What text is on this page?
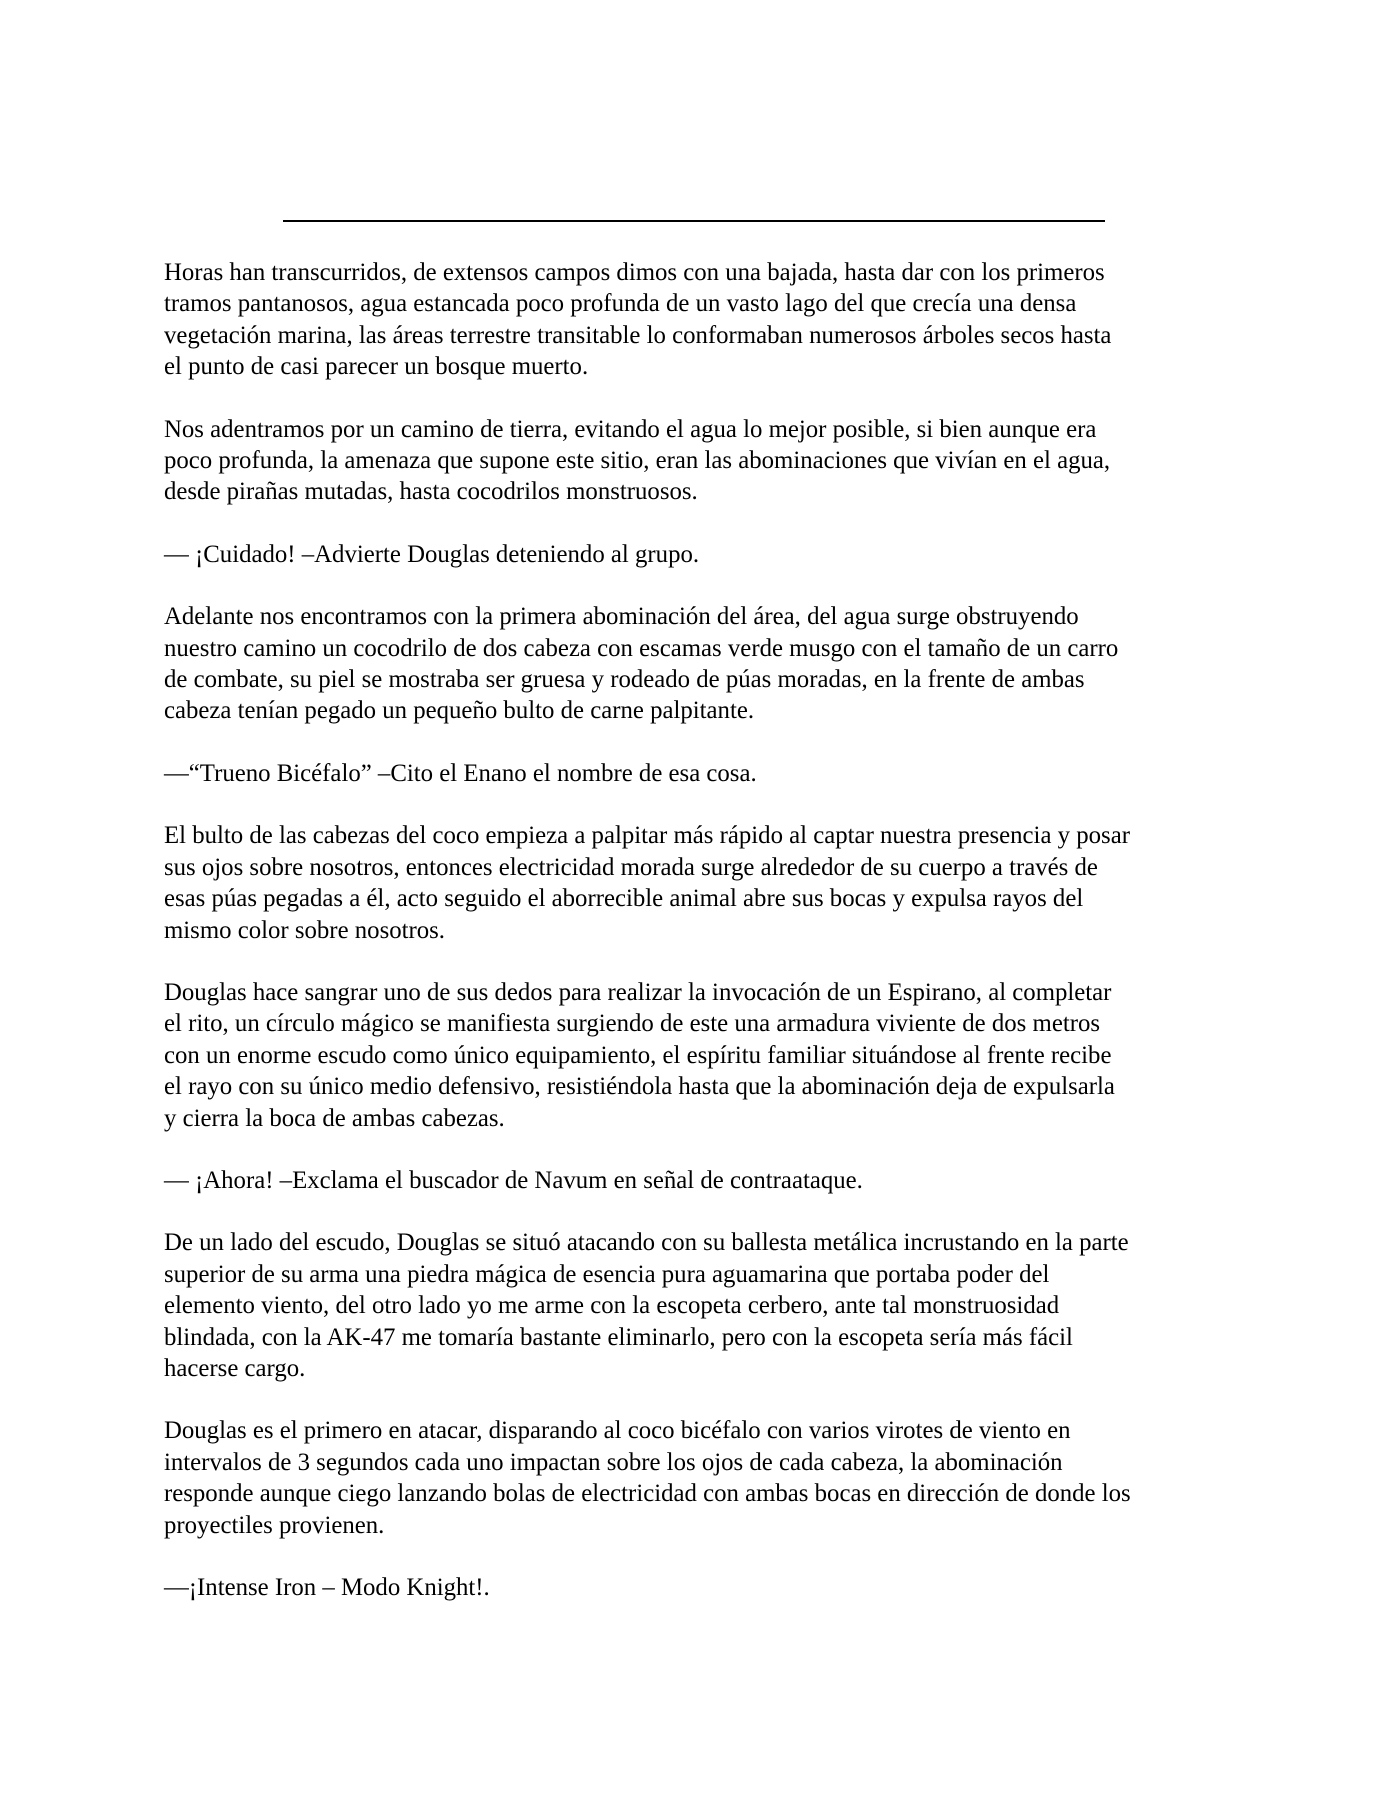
Horas han transcurridos, de extensos campos dimos con una bajada, hasta dar con los primeros
tramos pantanosos, agua estancada poco profunda de un vasto lago del que crecía una densa
vegetación marina, las áreas terrestre transitable lo conformaban numerosos árboles secos hasta
el punto de casi parecer un bosque muerto.

Nos adentramos por un camino de tierra, evitando el agua lo mejor posible, si bien aunque era
poco profunda, la amenaza que supone este sitio, eran las abominaciones que vivían en el agua,
desde pirañas mutadas, hasta cocodrilos monstruosos.

— ¡Cuidado! –Advierte Douglas deteniendo al grupo.

Adelante nos encontramos con la primera abominación del área, del agua surge obstruyendo
nuestro camino un cocodrilo de dos cabeza con escamas verde musgo con el tamaño de un carro
de combate, su piel se mostraba ser gruesa y rodeado de púas moradas, en la frente de ambas
cabeza tenían pegado un pequeño bulto de carne palpitante.

—“Trueno Bicéfalo” –Cito el Enano el nombre de esa cosa.

El bulto de las cabezas del coco empieza a palpitar más rápido al captar nuestra presencia y posar
sus ojos sobre nosotros, entonces electricidad morada surge alrededor de su cuerpo a través de
esas púas pegadas a él, acto seguido el aborrecible animal abre sus bocas y expulsa rayos del
mismo color sobre nosotros.

Douglas hace sangrar uno de sus dedos para realizar la invocación de un Espirano, al completar
el rito, un círculo mágico se manifiesta surgiendo de este una armadura viviente de dos metros
con un enorme escudo como único equipamiento, el espíritu familiar situándose al frente recibe
el rayo con su único medio defensivo, resistiéndola hasta que la abominación deja de expulsarla
y cierra la boca de ambas cabezas.

— ¡Ahora! –Exclama el buscador de Navum en señal de contraataque.

De un lado del escudo, Douglas se situó atacando con su ballesta metálica incrustando en la parte
superior de su arma una piedra mágica de esencia pura aguamarina que portaba poder del
elemento viento, del otro lado yo me arme con la escopeta cerbero, ante tal monstruosidad
blindada, con la AK-47 me tomaría bastante eliminarlo, pero con la escopeta sería más fácil
hacerse cargo.

Douglas es el primero en atacar, disparando al coco bicéfalo con varios virotes de viento en
intervalos de 3 segundos cada uno impactan sobre los ojos de cada cabeza, la abominación
responde aunque ciego lanzando bolas de electricidad con ambas bocas en dirección de donde los
proyectiles provienen.

—¡Intense Iron – Modo Knight!.
